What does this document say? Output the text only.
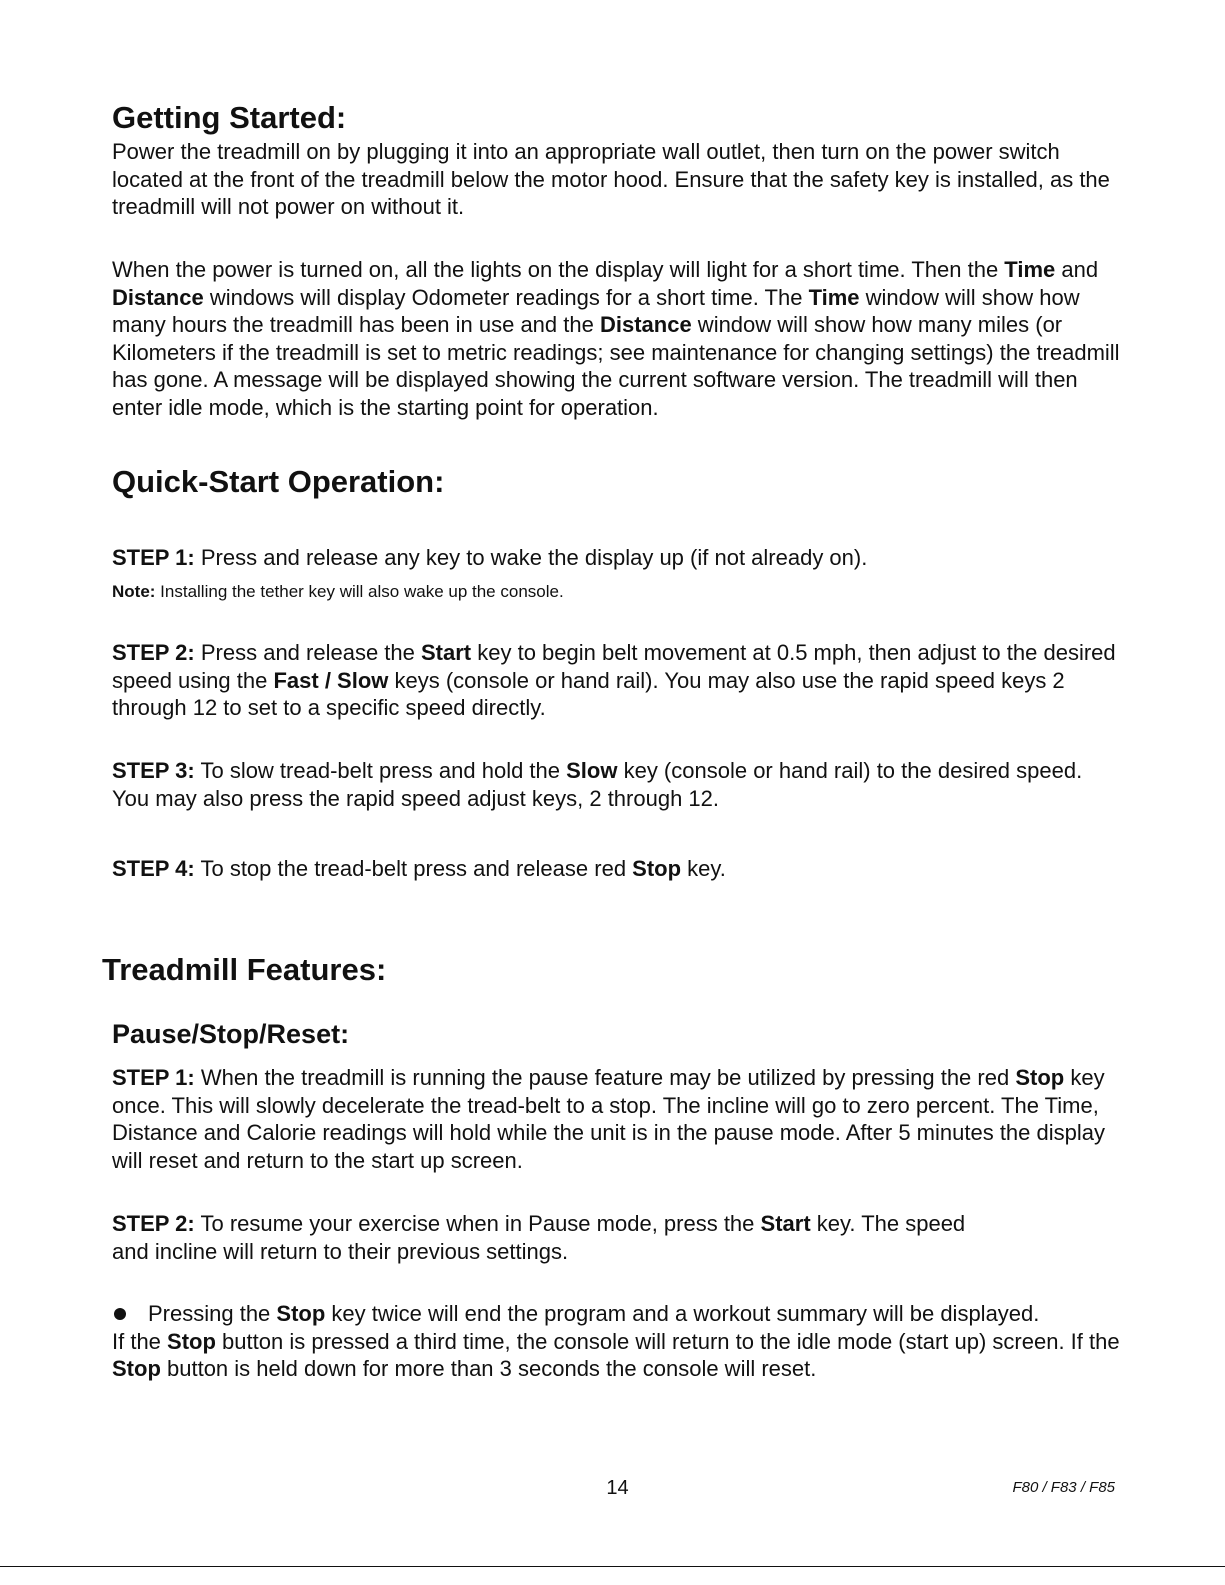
Getting Started:

Power the treadmill on by plugging it into an appropriate wall outlet, then turn on the power switch located at the front of the treadmill below the motor hood. Ensure that the safety key is installed, as the treadmill will not power on without it.

When the power is turned on, all the lights on the display will light for a short time. Then the Time and Distance windows will display Odometer readings for a short time. The Time window will show how many hours the treadmill has been in use and the Distance window will show how many miles (or Kilometers if the treadmill is set to metric readings; see maintenance for changing settings) the treadmill has gone. A message will be displayed showing the current software version. The treadmill will then enter idle mode, which is the starting point for operation.

Quick-Start Operation:

STEP 1: Press and release any key to wake the display up (if not already on).

Note: Installing the tether key will also wake up the console.

STEP 2: Press and release the Start key to begin belt movement at 0.5 mph, then adjust to the desired speed using the Fast / Slow keys (console or hand rail). You may also use the rapid speed keys 2 through 12 to set to a specific speed directly.

STEP 3: To slow tread-belt press and hold the Slow key (console or hand rail) to the desired speed. You may also press the rapid speed adjust keys, 2 through 12.

STEP 4: To stop the tread-belt press and release red Stop key.

Treadmill Features:
Pause/Stop/Reset:

STEP 1: When the treadmill is running the pause feature may be utilized by pressing the red Stop key once. This will slowly decelerate the tread-belt to a stop. The incline will go to zero percent. The Time, Distance and Calorie readings will hold while the unit is in the pause mode. After 5 minutes the display will reset and return to the start up screen.

STEP 2: To resume your exercise when in Pause mode, press the Start key. The speed
and incline will return to their previous settings.

Pressing the Stop key twice will end the program and a workout summary will be displayed.
If the Stop button is pressed a third time, the console will return to the idle mode (start up) screen. If the Stop button is held down for more than 3 seconds the console will reset.

14	F80 / F83 / F85
